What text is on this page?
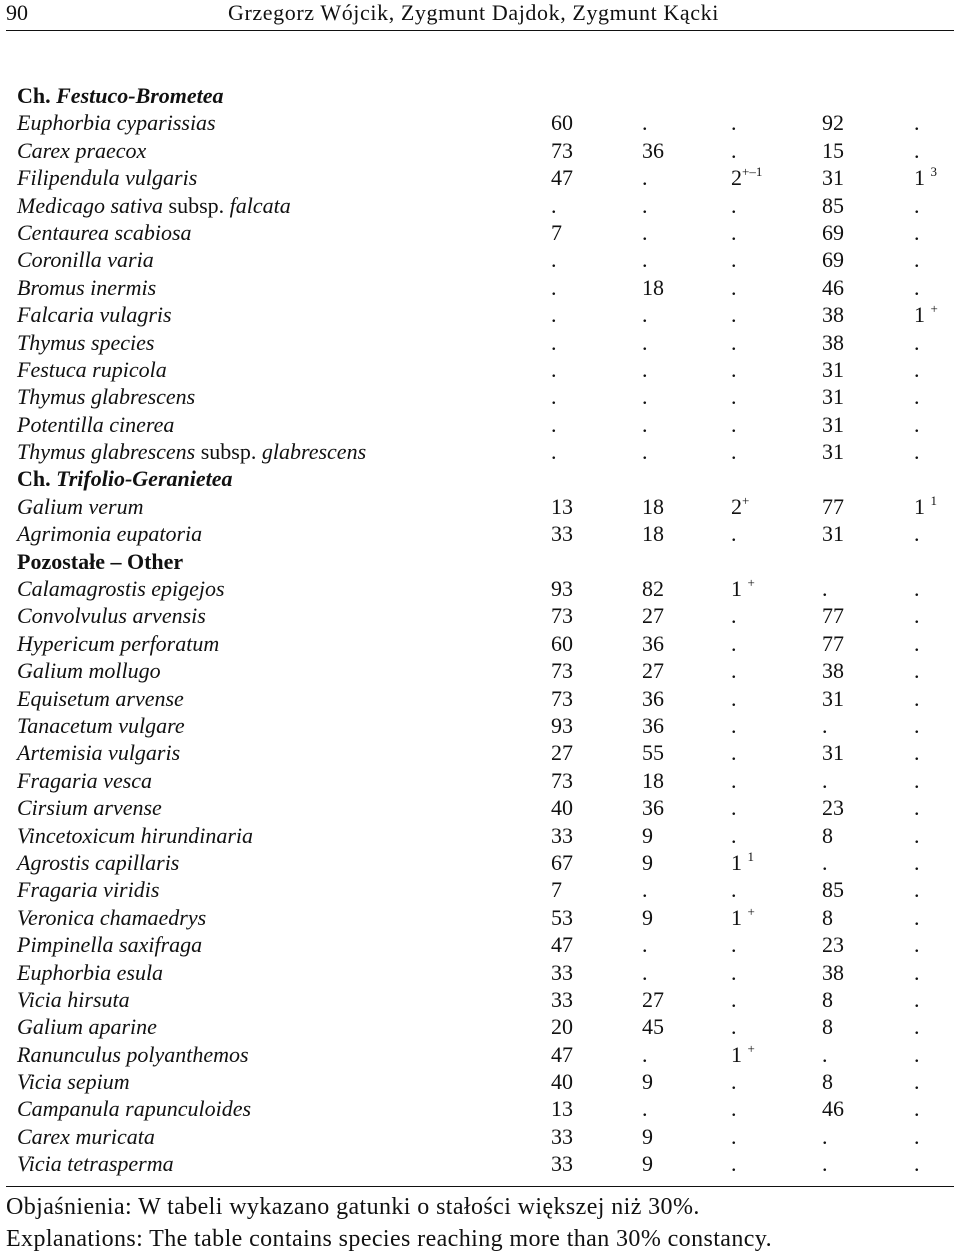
90	Grzegorz Wójcik, Zygmunt Dajdok, Zygmunt Kącki
Ch. Festuco-Brometea
Euphorbia cyparissias	60	.	.	92	.
Carex praecox	73	36	.	15	.
Filipendula vulgaris	47	.	$2^{+-1}$	31	1 $^3$
Medicago sativa subsp. falcata	.	.	.	85	.
Centaurea scabiosa	7	.	.	69	.
Coronilla varia	.	.	.	69	.
Bromus inermis	.	18	.	46	.
Falcaria vulagris	.	.	.	38	1 +
Thymus species	.	.	.	38	.
Festuca rupicola	.	.	.	31	.
Thymus glabrescens	.	.	.	31	.
Potentilla cinerea	.	.	.	31	.
Thymus glabrescens subsp. glabrescens	.	.	.	31	.
Ch. Trifolio-Geranietea
Galium verum	13	18	2+	77	1 $^1$
Agrimonia eupatoria	33	18	.	31	.
Pozostałe – Other
Calamagrostis epigejos	93	82	1 +	.	.
Convolvulus arvensis	73	27	.	77	.
Hypericum perforatum	60	36	.	77	.
Galium mollugo	73	27	.	38	.
Equisetum arvense	73	36	.	31	.
Tanacetum vulgare	93	36	.	.	.
Artemisia vulgaris	27	55	.	31	.
Fragaria vesca	73	18	.	.	.
Cirsium arvense	40	36	.	23	.
Vincetoxicum hirundinaria	33	9	.	8	.
Agrostis capillaris	67	9	1 $^1$	.	.
Fragaria viridis	7	.	.	85	.
Veronica chamaedrys	53	9	1 +	8	.
Pimpinella saxifraga	47	.	.	23	.
Euphorbia esula	33	.	.	38	.
Vicia hirsuta	33	27	.	8	.
Galium aparine	20	45	.	8	.
Ranunculus polyanthemos	47	.	1 +	.	.
Vicia sepium	40	9	.	8	.
Campanula rapunculoides	13	.	.	46	.
Carex muricata	33	9	.	.	.
Vicia tetrasperma	33	9	.	.	.
Objaśnienia: W tabeli wykazano gatunki o stałości większej niż 30%.
Explanations: The table contains species reaching more than 30% constancy.
